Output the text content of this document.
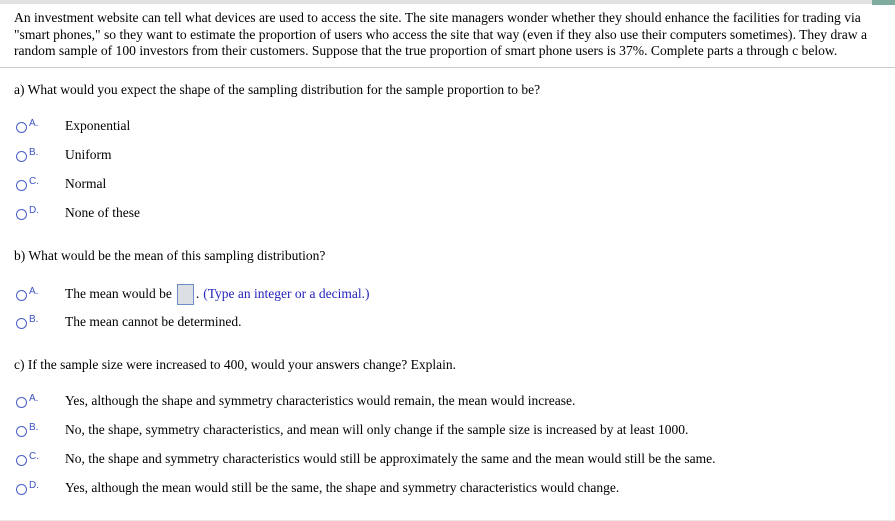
An investment website can tell what devices are used to access the site. The site managers wonder whether they should enhance the facilities for trading via "smart phones," so they want to estimate the proportion of users who access the site that way (even if they also use their computers sometimes). They draw a random sample of 100 investors from their customers. Suppose that the true proportion of smart phone users is 37%. Complete parts a through c below.
a) What would you expect the shape of the sampling distribution for the sample proportion to be?
A.	Exponential
B.	Uniform
C.	Normal
D.	None of these
b) What would be the mean of this sampling distribution?
A.	The mean would be . (Type an integer or a decimal.)
B.	The mean cannot be determined.
c) If the sample size were increased to 400, would your answers change? Explain.
A.	Yes, although the shape and symmetry characteristics would remain, the mean would increase.
B.	No, the shape, symmetry characteristics, and mean will only change if the sample size is increased by at least 1000.
C.	No, the shape and symmetry characteristics would still be approximately the same and the mean would still be the same.
D.	Yes, although the mean would still be the same, the shape and symmetry characteristics would change.
